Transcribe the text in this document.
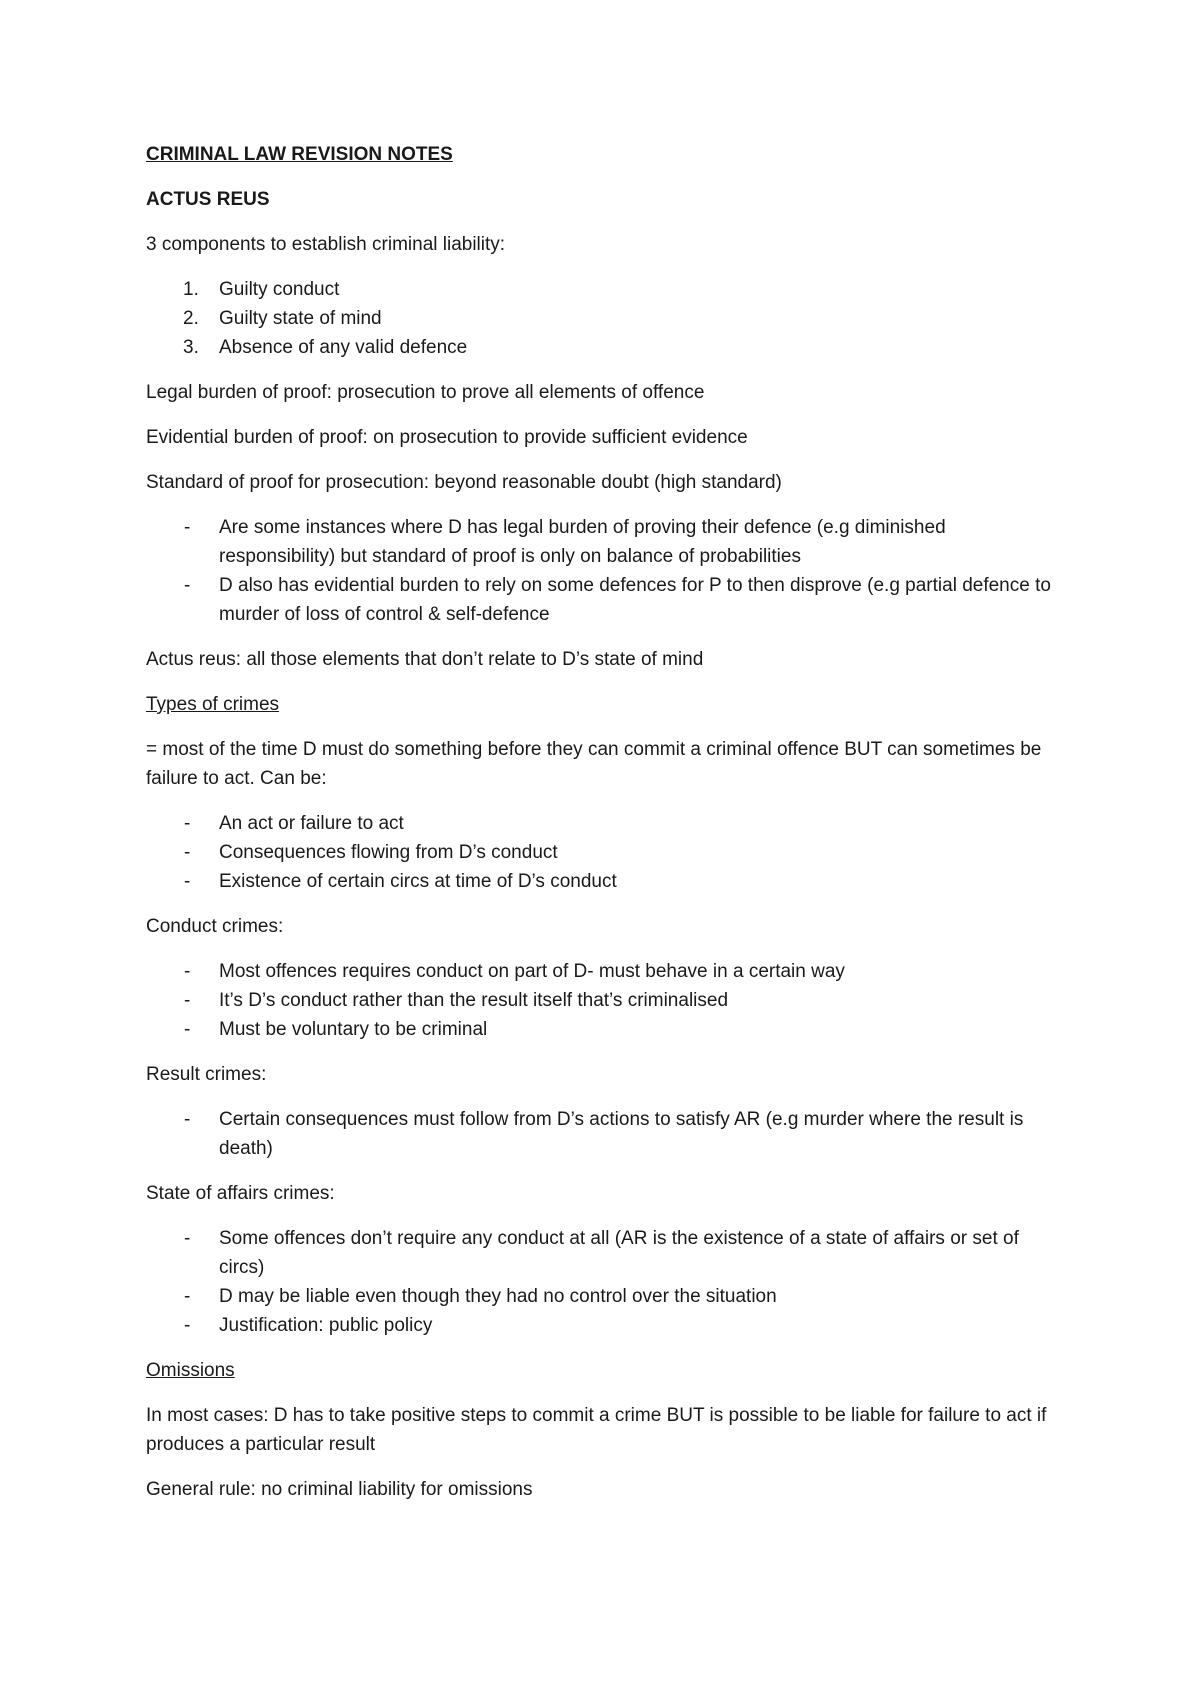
CRIMINAL LAW REVISION NOTES
ACTUS REUS
3 components to establish criminal liability:
1. Guilty conduct
2. Guilty state of mind
3. Absence of any valid defence
Legal burden of proof: prosecution to prove all elements of offence
Evidential burden of proof: on prosecution to provide sufficient evidence
Standard of proof for prosecution: beyond reasonable doubt (high standard)
- Are some instances where D has legal burden of proving their defence (e.g diminished responsibility) but standard of proof is only on balance of probabilities
- D also has evidential burden to rely on some defences for P to then disprove (e.g partial defence to murder of loss of control & self-defence
Actus reus: all those elements that don’t relate to D’s state of mind
Types of crimes
= most of the time D must do something before they can commit a criminal offence BUT can sometimes be failure to act. Can be:
- An act or failure to act
- Consequences flowing from D’s conduct
- Existence of certain circs at time of D’s conduct
Conduct crimes:
- Most offences requires conduct on part of D- must behave in a certain way
- It’s D’s conduct rather than the result itself that’s criminalised
- Must be voluntary to be criminal
Result crimes:
- Certain consequences must follow from D’s actions to satisfy AR (e.g murder where the result is death)
State of affairs crimes:
- Some offences don’t require any conduct at all (AR is the existence of a state of affairs or set of circs)
- D may be liable even though they had no control over the situation
- Justification: public policy
Omissions
In most cases: D has to take positive steps to commit a crime BUT is possible to be liable for failure to act if produces a particular result
General rule: no criminal liability for omissions
